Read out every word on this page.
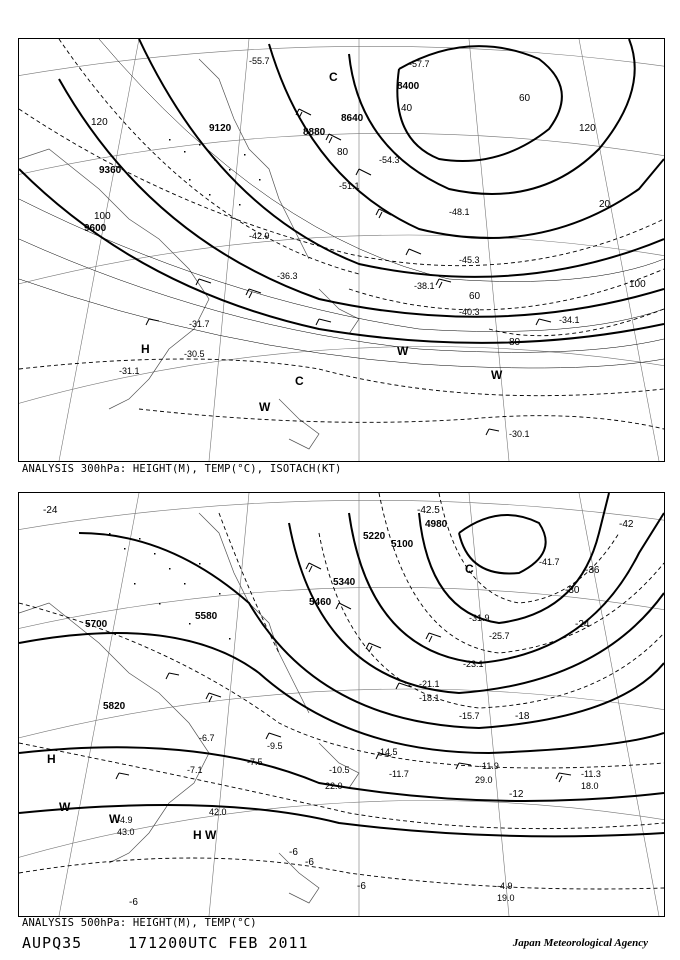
8400
8640
8880
9120
9360
9600
40
60
80
100
120
20
60
80
100
120
-30.5
-31.1
-31.7	-34.1
-36.3
-38.1
-40.3
-42.9
-45.3
-48.1
-51.1
-54.3
-55.7	-57.7
-30.1
H
C
C
W
W
W
ANALYSIS 300hPa: HEIGHT(M), TEMP(°C), ISOTACH(KT)
4980
5100
5220
5340
5460
5580
5700
5820
-42.5
-42
-36
-30
-24
-18
-12
-6
-24
-6
-6
-6
-41.7
-31.9
-25.7
-23.1
-21.1
-18.1
-15.7
-14.5
-11.7	-11.3
-11.9
-10.5
-9.5
-7.5
-7.1
-6.7
-4.9
-4.9
29.0
18.0
22.0
19.0
43.0
42.0
H
H W
W
W
C
ANALYSIS 500hPa: HEIGHT(M), TEMP(°C)
AUPQ35	171200UTC FEB 2011	Japan Meteorological Agency
